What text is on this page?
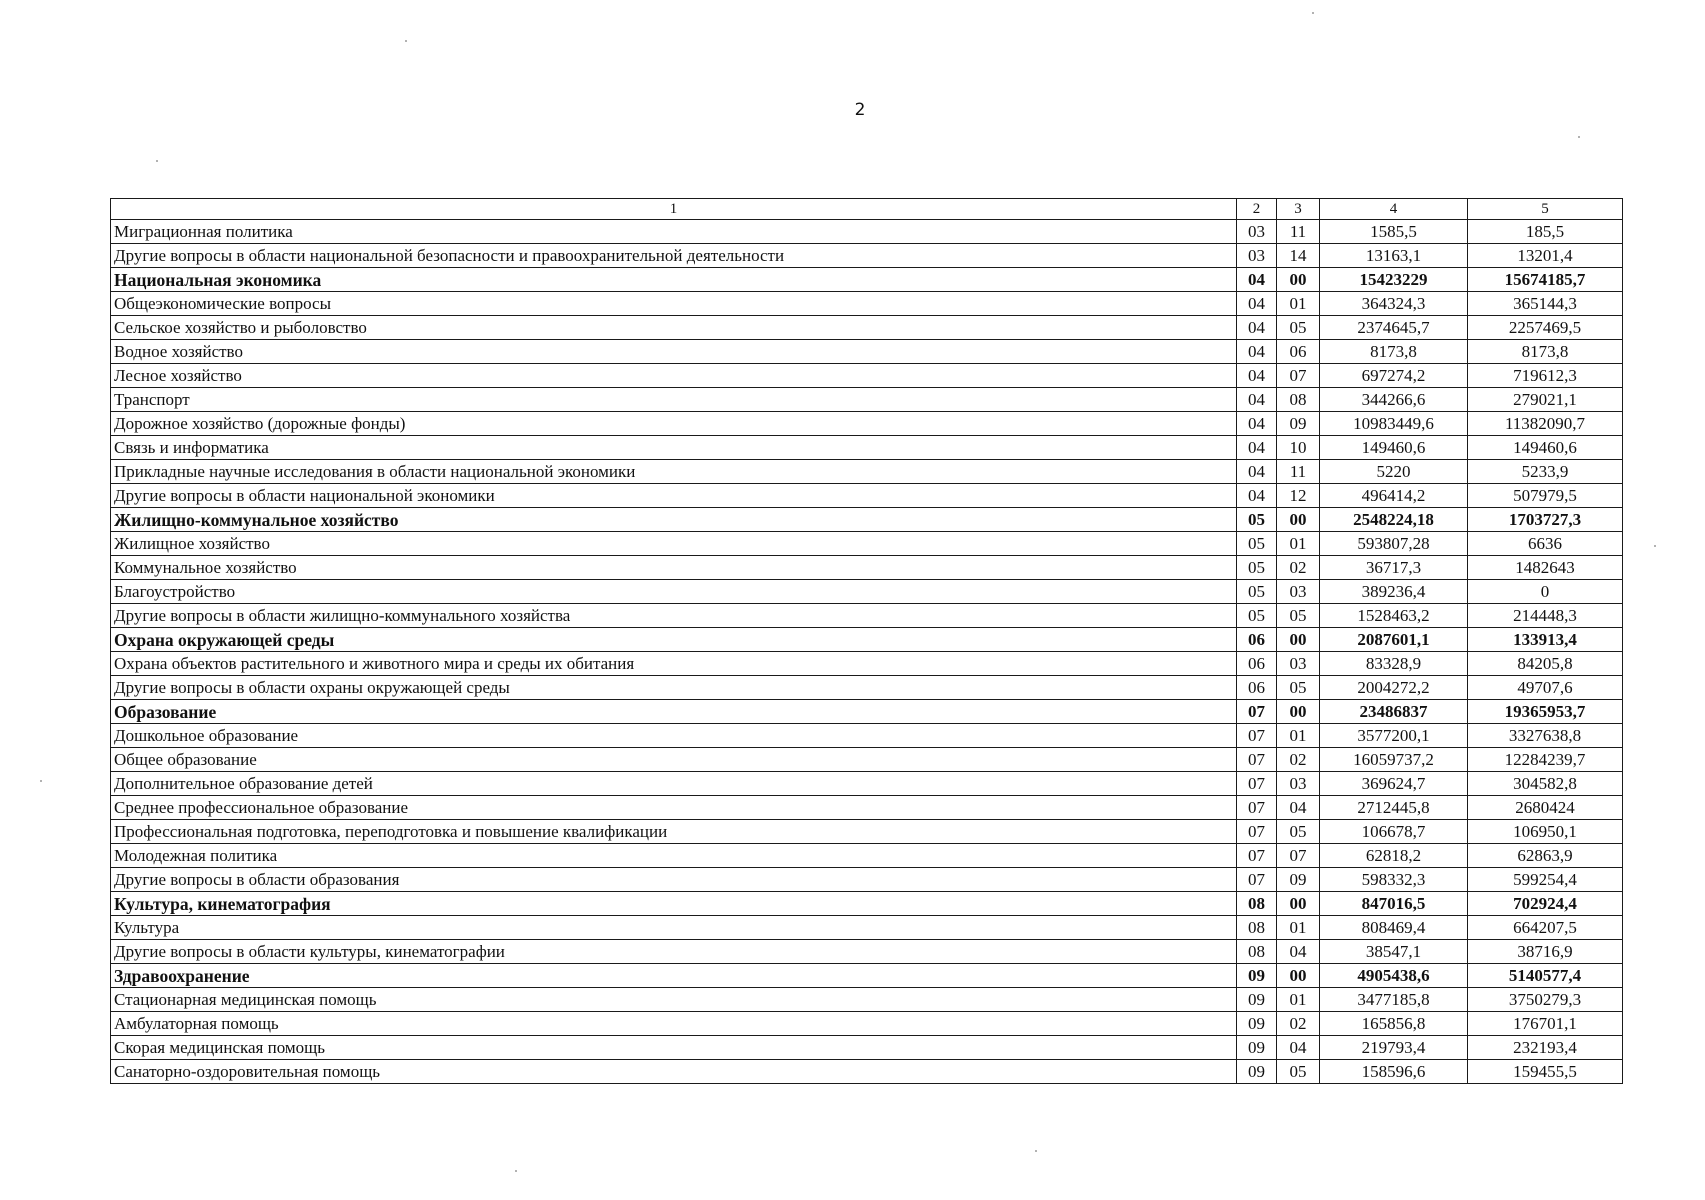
2
1	2	3	4	5
Миграционная политика	03	11	1585,5	185,5
Другие вопросы в области национальной безопасности и правоохранительной деятельности	03	14	13163,1	13201,4
Национальная экономика	04	00	15423229	15674185,7
Общеэкономические вопросы	04	01	364324,3	365144,3
Сельское хозяйство и рыболовство	04	05	2374645,7	2257469,5
Водное хозяйство	04	06	8173,8	8173,8
Лесное хозяйство	04	07	697274,2	719612,3
Транспорт	04	08	344266,6	279021,1
Дорожное хозяйство (дорожные фонды)	04	09	10983449,6	11382090,7
Связь и информатика	04	10	149460,6	149460,6
Прикладные научные исследования в области национальной экономики	04	11	5220	5233,9
Другие вопросы в области национальной экономики	04	12	496414,2	507979,5
Жилищно-коммунальное хозяйство	05	00	2548224,18	1703727,3
Жилищное хозяйство	05	01	593807,28	6636
Коммунальное хозяйство	05	02	36717,3	1482643
Благоустройство	05	03	389236,4	0
Другие вопросы в области жилищно-коммунального хозяйства	05	05	1528463,2	214448,3
Охрана окружающей среды	06	00	2087601,1	133913,4
Охрана объектов растительного и животного мира и среды их обитания	06	03	83328,9	84205,8
Другие вопросы в области охраны окружающей среды	06	05	2004272,2	49707,6
Образование	07	00	23486837	19365953,7
Дошкольное образование	07	01	3577200,1	3327638,8
Общее образование	07	02	16059737,2	12284239,7
Дополнительное образование детей	07	03	369624,7	304582,8
Среднее профессиональное образование	07	04	2712445,8	2680424
Профессиональная подготовка, переподготовка и повышение квалификации	07	05	106678,7	106950,1
Молодежная политика	07	07	62818,2	62863,9
Другие вопросы в области образования	07	09	598332,3	599254,4
Культура, кинематография	08	00	847016,5	702924,4
Культура	08	01	808469,4	664207,5
Другие вопросы в области культуры, кинематографии	08	04	38547,1	38716,9
Здравоохранение	09	00	4905438,6	5140577,4
Стационарная медицинская помощь	09	01	3477185,8	3750279,3
Амбулаторная помощь	09	02	165856,8	176701,1
Скорая медицинская помощь	09	04	219793,4	232193,4
Санаторно-оздоровительная помощь	09	05	158596,6	159455,5
